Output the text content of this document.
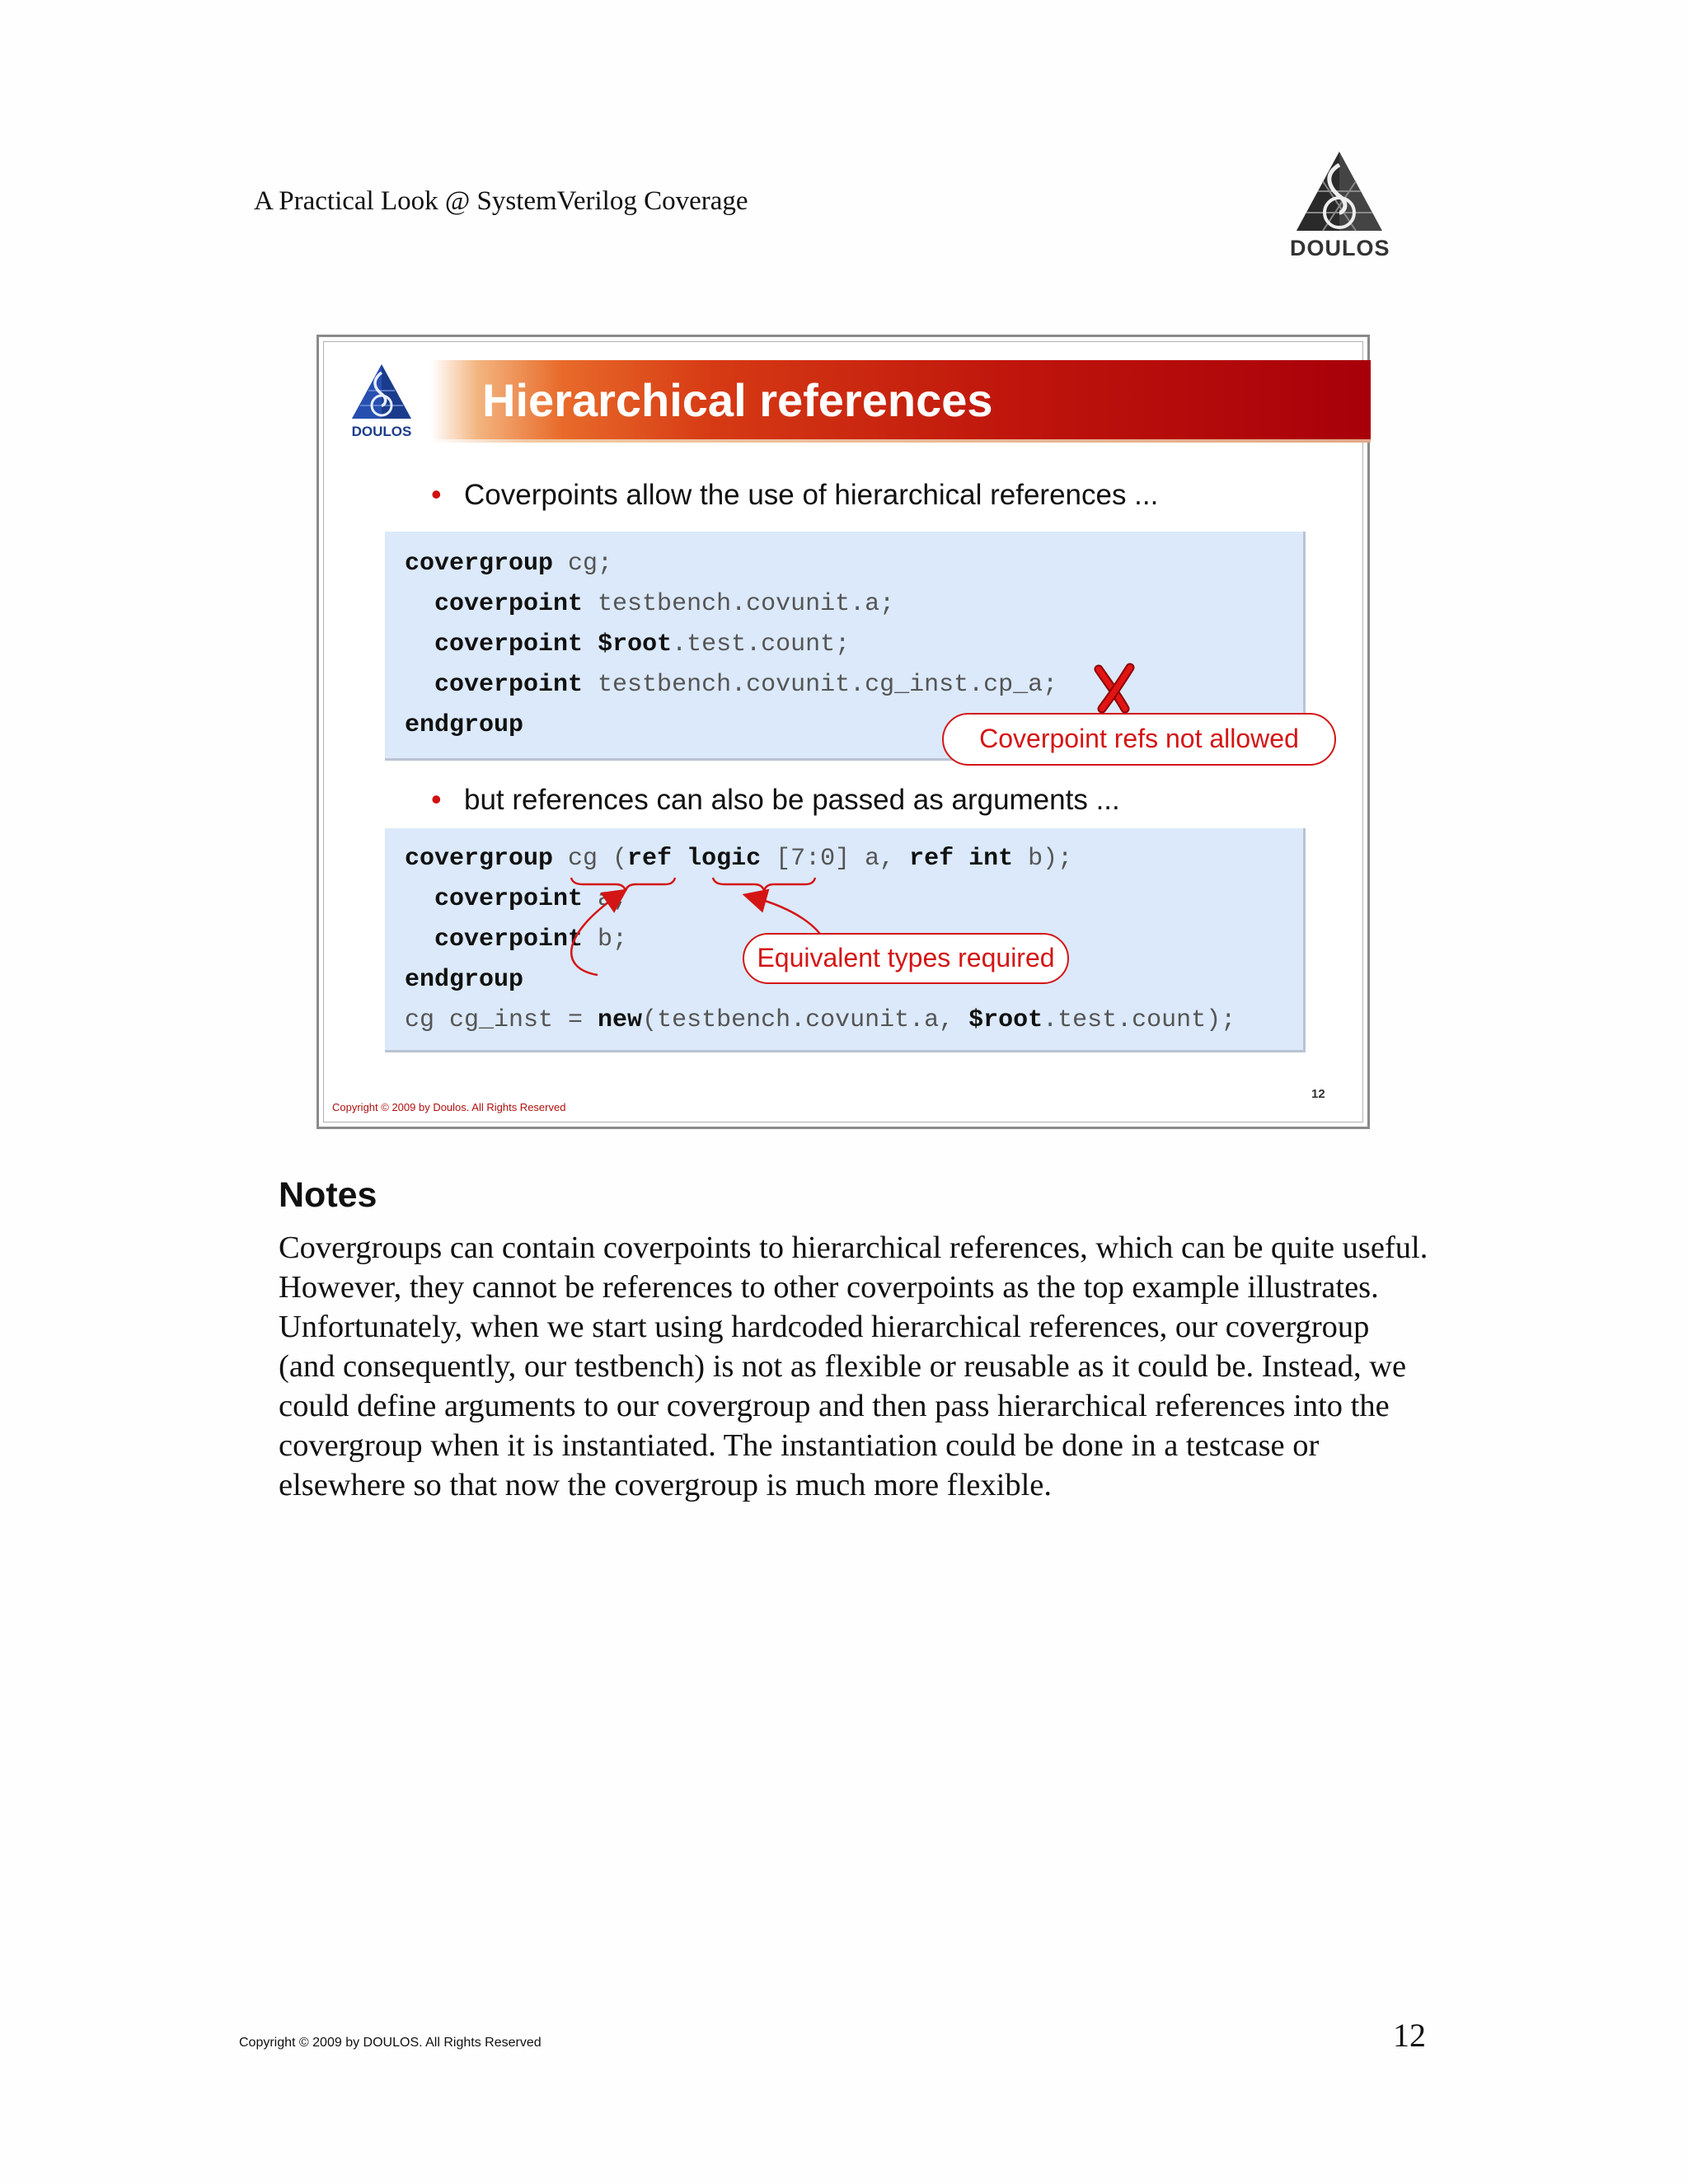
A Practical Look @ SystemVerilog Coverage
DOULOS
DOULOS
Hierarchical references
• Coverpoints allow the use of hierarchical references ...
covergroup cg;
coverpoint testbench.covunit.a;
coverpoint $root.test.count;
coverpoint testbench.covunit.cg_inst.cp_a;
endgroup	Coverpoint refs not allowed
• but references can also be passed as arguments ...
covergroup cg (ref logic [7:0] a, ref int b);
coverpoint a;
coverpoint b;
endgroup
cg cg_inst = new(testbench.covunit.a, $root.test.count);
Equivalent types required
Copyright © 2009 by Doulos. All Rights Reserved
12
Notes
Covergroups can contain coverpoints to hierarchical references, which can be quite useful. However, they cannot be references to other coverpoints as the top example illustrates. Unfortunately, when we start using hardcoded hierarchical references, our covergroup (and consequently, our testbench) is not as flexible or reusable as it could be. Instead, we could define arguments to our covergroup and then pass hierarchical references into the covergroup when it is instantiated. The instantiation could be done in a testcase or elsewhere so that now the covergroup is much more flexible.
Copyright © 2009 by DOULOS. All Rights Reserved	12
